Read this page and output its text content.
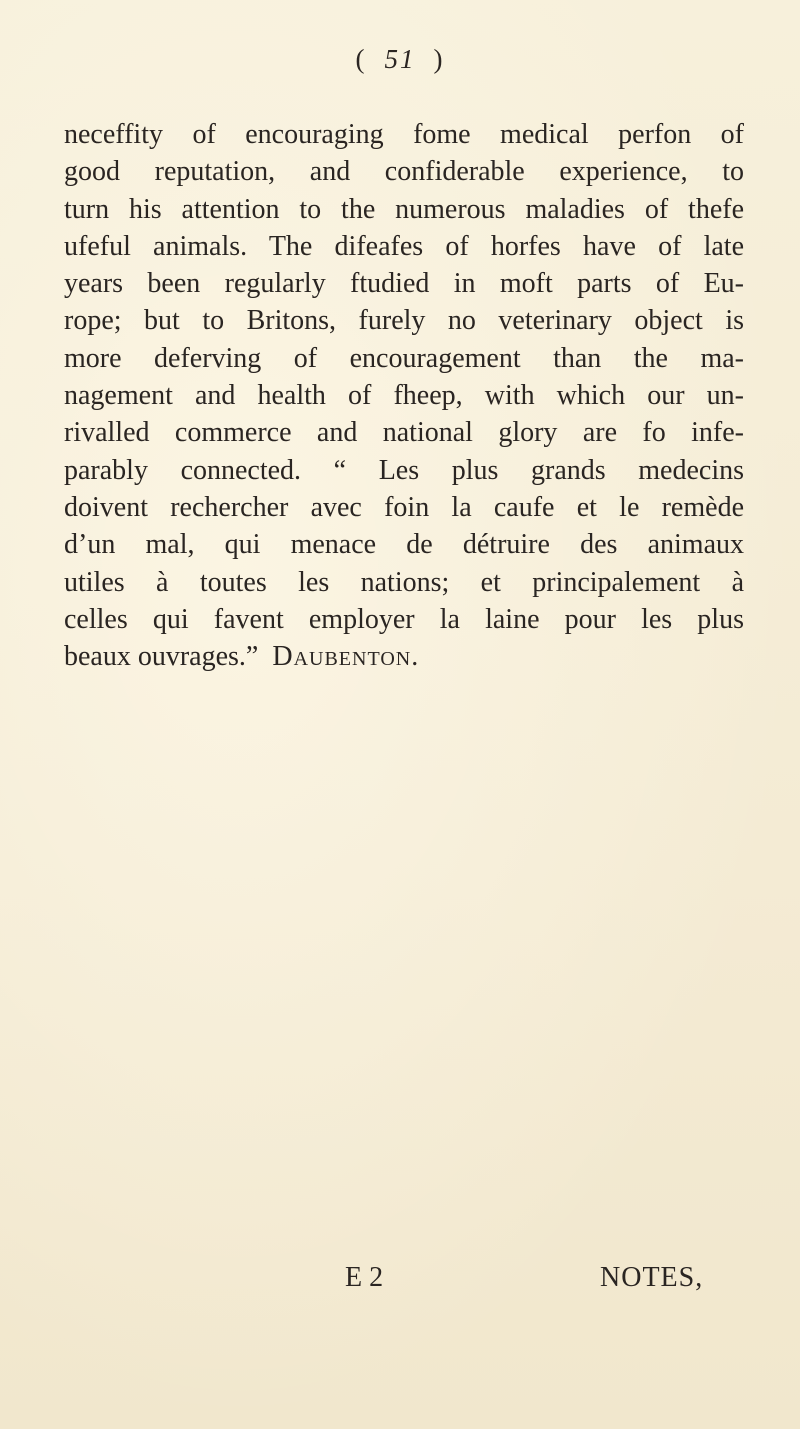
( 51 )
neceffity of encouraging fome medical perfon of
good reputation, and confiderable experience, to
turn his attention to the numerous maladies of thefe
ufeful animals. The difeafes of horfes have of late
years been regularly ftudied in moft parts of Eu-
rope; but to Britons, furely no veterinary object is
more deferving of encouragement than the ma-
nagement and health of fheep, with which our un-
rivalled commerce and national glory are fo infe-
parably connected. “ Les plus grands medecins
doivent rechercher avec foin la caufe et le remède
d’un mal, qui menace de détruire des animaux
utiles à toutes les nations; et principalement à
celles qui favent employer la laine pour les plus
beaux ouvrages.” Daubenton.
E 2	NOTES,
